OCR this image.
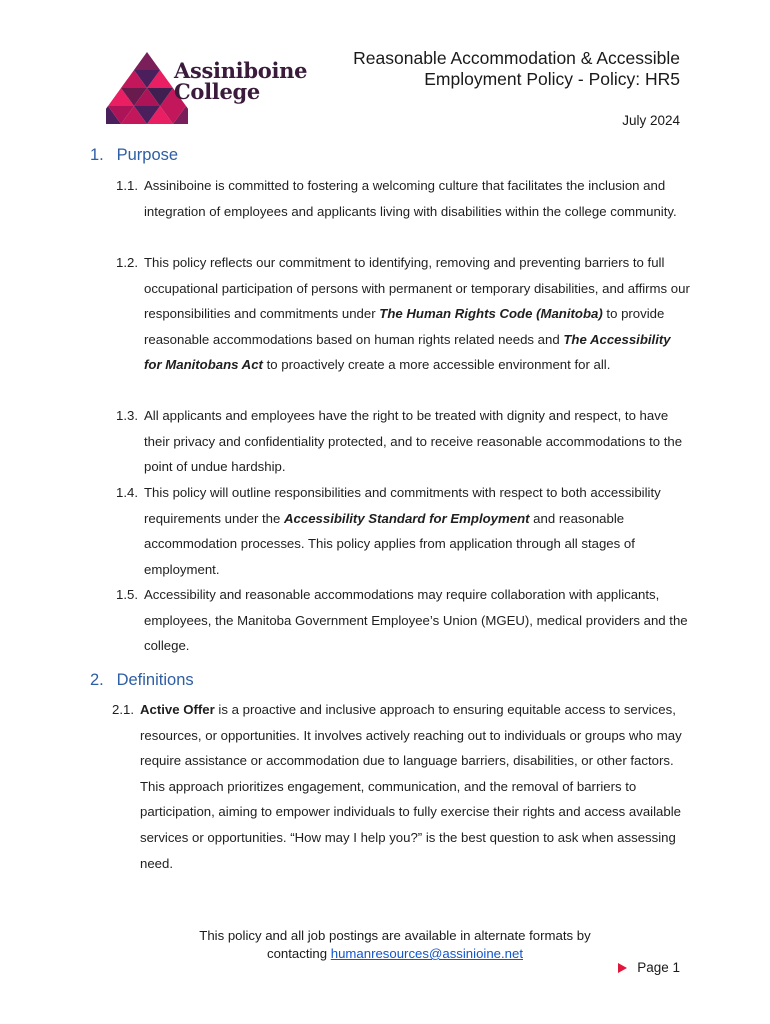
Assiniboine
College
Reasonable Accommodation & Accessible
Employment Policy - Policy: HR5
July 2024
1. Purpose
1.1. Assiniboine is committed to fostering a welcoming culture that facilitates the inclusion and integration of employees and applicants living with disabilities within the college community.
1.2. This policy reflects our commitment to identifying, removing and preventing barriers to full occupational participation of persons with permanent or temporary disabilities, and affirms our responsibilities and commitments under The Human Rights Code (Manitoba) to provide reasonable accommodations based on human rights related needs and The Accessibility for Manitobans Act to proactively create a more accessible environment for all.
1.3. All applicants and employees have the right to be treated with dignity and respect, to have their privacy and confidentiality protected, and to receive reasonable accommodations to the point of undue hardship.
1.4. This policy will outline responsibilities and commitments with respect to both accessibility requirements under the Accessibility Standard for Employment and reasonable accommodation processes. This policy applies from application through all stages of employment.
1.5. Accessibility and reasonable accommodations may require collaboration with applicants, employees, the Manitoba Government Employee’s Union (MGEU), medical providers and the college.
2. Definitions
2.1. Active Offer is a proactive and inclusive approach to ensuring equitable access to services, resources, or opportunities. It involves actively reaching out to individuals or groups who may require assistance or accommodation due to language barriers, disabilities, or other factors. This approach prioritizes engagement, communication, and the removal of barriers to participation, aiming to empower individuals to fully exercise their rights and access available services or opportunities. “How may I help you?” is the best question to ask when assessing need.
This policy and all job postings are available in alternate formats by
contacting humanresources@assinioine.net
Page 1
